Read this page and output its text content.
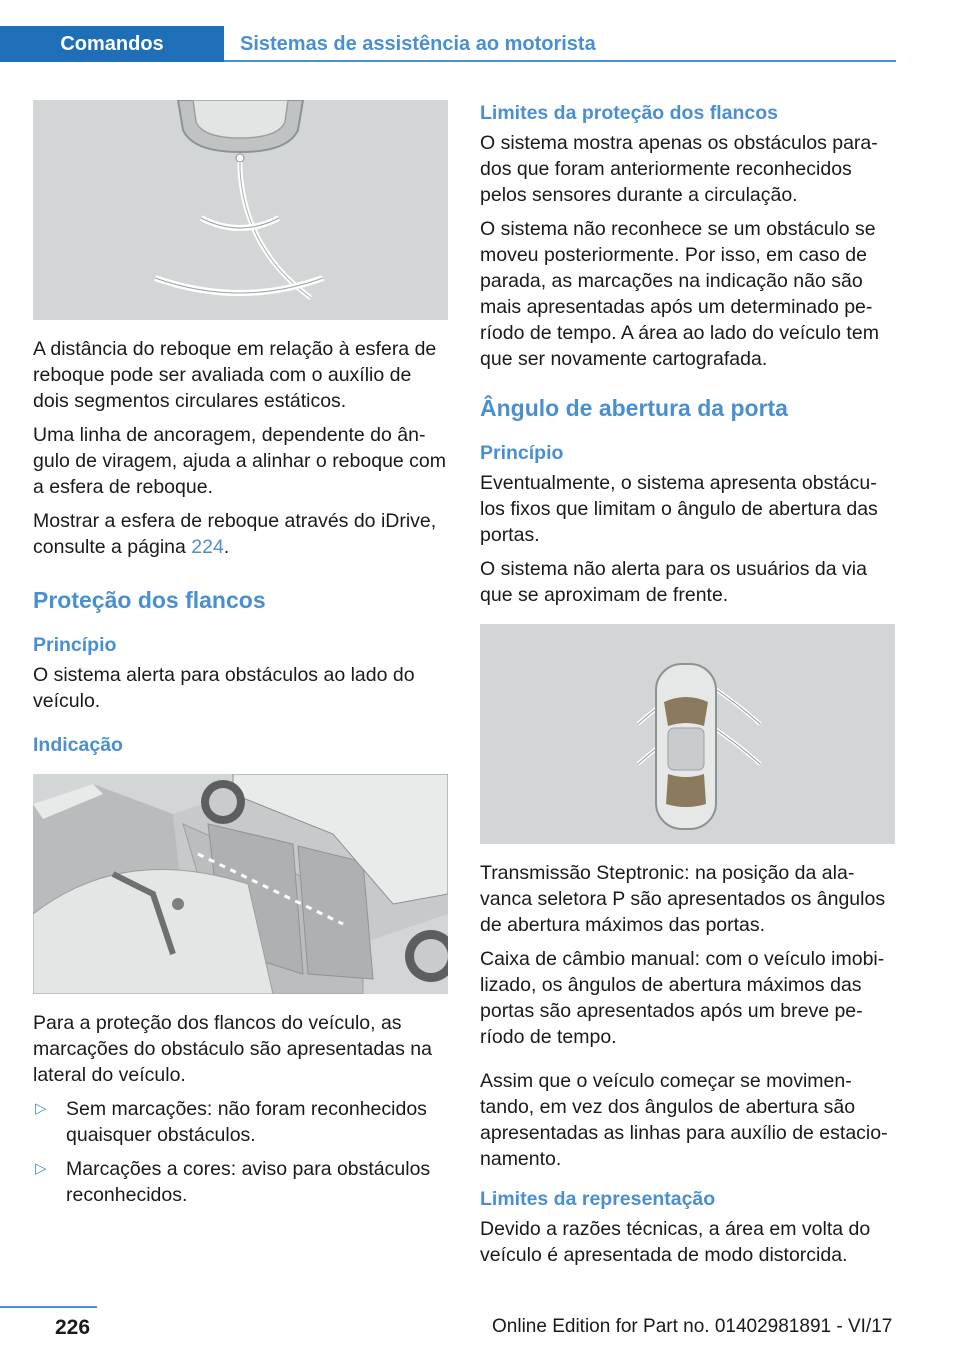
Comandos	Sistemas de assistência ao motorista

A distância do reboque em relação à esfera de reboque pode ser avaliada com o auxílio de dois segmentos circulares estáticos.

Uma linha de ancoragem, dependente do ângulo de viragem, ajuda a alinhar o reboque com a esfera de reboque.

Mostrar a esfera de reboque através do iDrive, consulte a página 224.

Proteção dos flancos
Princípio

O sistema alerta para obstáculos ao lado do veículo.

Indicação

Para a proteção dos flancos do veículo, as marcações do obstáculo são apresentadas na lateral do veículo.

▷ Sem marcações: não foram reconhecidos quaisquer obstáculos.
▷ Marcações a cores: aviso para obstáculos reconhecidos.
Limites da proteção dos flancos

O sistema mostra apenas os obstáculos parados que foram anteriormente reconhecidos pelos sensores durante a circulação.

O sistema não reconhece se um obstáculo se moveu posteriormente. Por isso, em caso de parada, as marcações na indicação não são mais apresentadas após um determinado período de tempo. A área ao lado do veículo tem que ser novamente cartografada.

Ângulo de abertura da porta
Princípio

Eventualmente, o sistema apresenta obstáculos fixos que limitam o ângulo de abertura das portas.

O sistema não alerta para os usuários da via que se aproximam de frente.

Transmissão Steptronic: na posição da alavanca seletora P são apresentados os ângulos de abertura máximos das portas.

Caixa de câmbio manual: com o veículo imobilizado, os ângulos de abertura máximos das portas são apresentados após um breve período de tempo.

Assim que o veículo começar se movimentando, em vez dos ângulos de abertura são apresentadas as linhas para auxílio de estacionamento.

Limites da representação

Devido a razões técnicas, a área em volta do veículo é apresentada de modo distorcida.

226	Online Edition for Part no. 01402981891 - VI/17
